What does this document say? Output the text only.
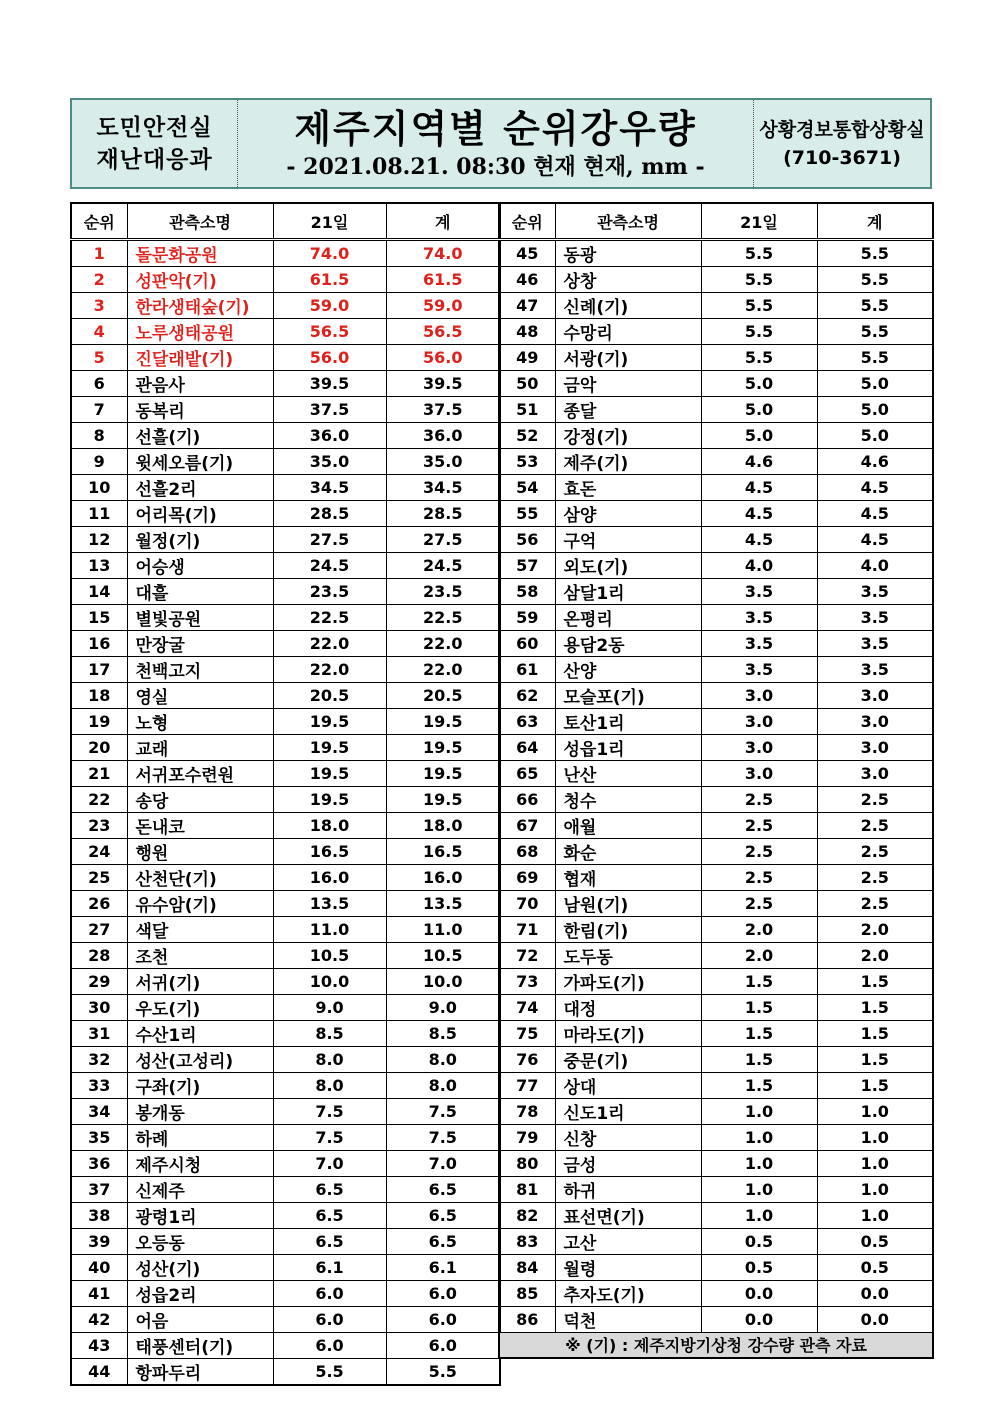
도민안전실
재난대응과
제주지역별 순위강우량
- 2021.08.21. 08:30 현재 현재, mm -
상황경보통합상황실
(710-3671)
순위	관측소명	21일	계
1	돌문화공원	74.0	74.0
2	성판악(기)	61.5	61.5
3	한라생태숲(기)	59.0	59.0
4	노루생태공원	56.5	56.5
5	진달래밭(기)	56.0	56.0
6	관음사	39.5	39.5
7	동복리	37.5	37.5
8	선흘(기)	36.0	36.0
9	윗세오름(기)	35.0	35.0
10	선흘2리	34.5	34.5
11	어리목(기)	28.5	28.5
12	월정(기)	27.5	27.5
13	어승생	24.5	24.5
14	대흘	23.5	23.5
15	별빛공원	22.5	22.5
16	만장굴	22.0	22.0
17	천백고지	22.0	22.0
18	영실	20.5	20.5
19	노형	19.5	19.5
20	교래	19.5	19.5
21	서귀포수련원	19.5	19.5
22	송당	19.5	19.5
23	돈내코	18.0	18.0
24	행원	16.5	16.5
25	산천단(기)	16.0	16.0
26	유수암(기)	13.5	13.5
27	색달	11.0	11.0
28	조천	10.5	10.5
29	서귀(기)	10.0	10.0
30	우도(기)	9.0	9.0
31	수산1리	8.5	8.5
32	성산(고성리)	8.0	8.0
33	구좌(기)	8.0	8.0
34	봉개동	7.5	7.5
35	하례	7.5	7.5
36	제주시청	7.0	7.0
37	신제주	6.5	6.5
38	광령1리	6.5	6.5
39	오등동	6.5	6.5
40	성산(기)	6.1	6.1
41	성읍2리	6.0	6.0
42	어음	6.0	6.0
43	태풍센터(기)	6.0	6.0
44	항파두리	5.5	5.5
순위	관측소명	21일	계
45	동광	5.5	5.5
46	상창	5.5	5.5
47	신례(기)	5.5	5.5
48	수망리	5.5	5.5
49	서광(기)	5.5	5.5
50	금악	5.0	5.0
51	종달	5.0	5.0
52	강정(기)	5.0	5.0
53	제주(기)	4.6	4.6
54	효돈	4.5	4.5
55	삼양	4.5	4.5
56	구억	4.5	4.5
57	외도(기)	4.0	4.0
58	삼달1리	3.5	3.5
59	온평리	3.5	3.5
60	용담2동	3.5	3.5
61	산양	3.5	3.5
62	모슬포(기)	3.0	3.0
63	토산1리	3.0	3.0
64	성읍1리	3.0	3.0
65	난산	3.0	3.0
66	청수	2.5	2.5
67	애월	2.5	2.5
68	화순	2.5	2.5
69	협재	2.5	2.5
70	남원(기)	2.5	2.5
71	한림(기)	2.0	2.0
72	도두동	2.0	2.0
73	가파도(기)	1.5	1.5
74	대정	1.5	1.5
75	마라도(기)	1.5	1.5
76	중문(기)	1.5	1.5
77	상대	1.5	1.5
78	신도1리	1.0	1.0
79	신창	1.0	1.0
80	금성	1.0	1.0
81	하귀	1.0	1.0
82	표선면(기)	1.0	1.0
83	고산	0.5	0.5
84	월령	0.5	0.5
85	추자도(기)	0.0	0.0
86	덕천	0.0	0.0
※ (기) : 제주지방기상청 강수량 관측 자료			
